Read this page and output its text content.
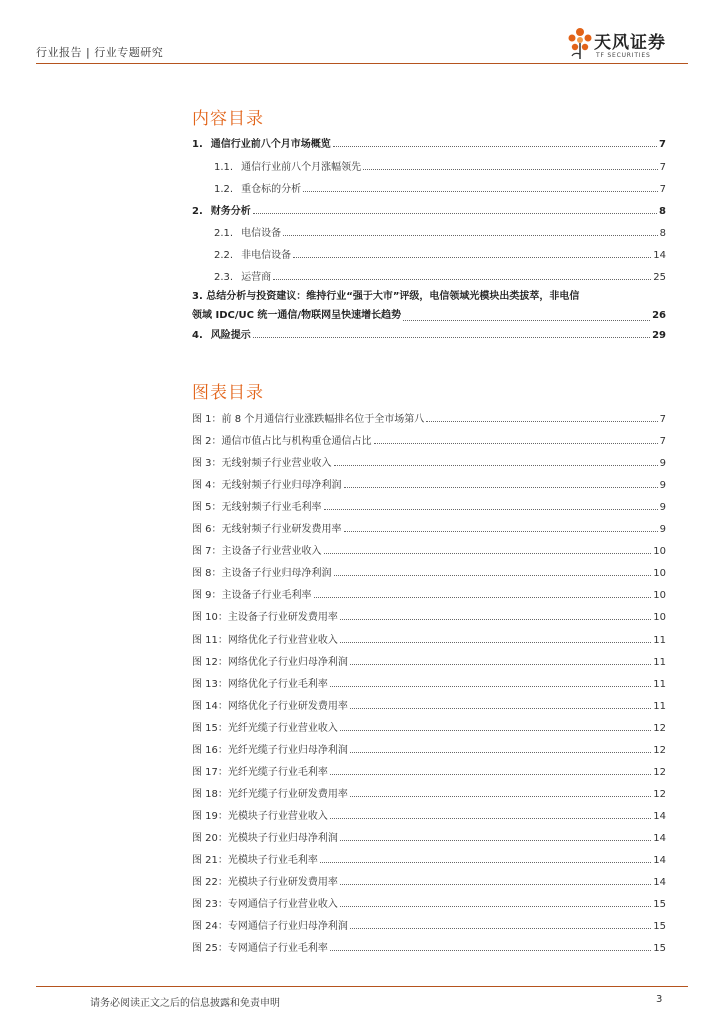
行业报告 | 行业专题研究	天风证券
TF SECURITIES
内容目录
1. 通信行业前八个月市场概览	7
1.1. 通信行业前八个月涨幅领先	7
1.2. 重仓标的分析	7
2. 财务分析	8
2.1. 电信设备	8
2.2. 非电信设备	14
2.3. 运营商	25
3. 总结分析与投资建议：维持行业“强于大市”评级，电信领域光模块出类拔萃，非电信
领域 IDC/UC 统一通信/物联网呈快速增长趋势	26
4. 风险提示	29
图表目录
图 1：前 8 个月通信行业涨跌幅排名位于全市场第八	7
图 2：通信市值占比与机构重仓通信占比	7
图 3：无线射频子行业营业收入	9
图 4：无线射频子行业归母净利润	9
图 5：无线射频子行业毛利率	9
图 6：无线射频子行业研发费用率	9
图 7：主设备子行业营业收入	10
图 8：主设备子行业归母净利润	10
图 9：主设备子行业毛利率	10
图 10：主设备子行业研发费用率	10
图 11：网络优化子行业营业收入	11
图 12：网络优化子行业归母净利润	11
图 13：网络优化子行业毛利率	11
图 14：网络优化子行业研发费用率	11
图 15：光纤光缆子行业营业收入	12
图 16：光纤光缆子行业归母净利润	12
图 17：光纤光缆子行业毛利率	12
图 18：光纤光缆子行业研发费用率	12
图 19：光模块子行业营业收入	14
图 20：光模块子行业归母净利润	14
图 21：光模块子行业毛利率	14
图 22：光模块子行业研发费用率	14
图 23：专网通信子行业营业收入	15
图 24：专网通信子行业归母净利润	15
图 25：专网通信子行业毛利率	15
请务必阅读正文之后的信息披露和免责申明	3
